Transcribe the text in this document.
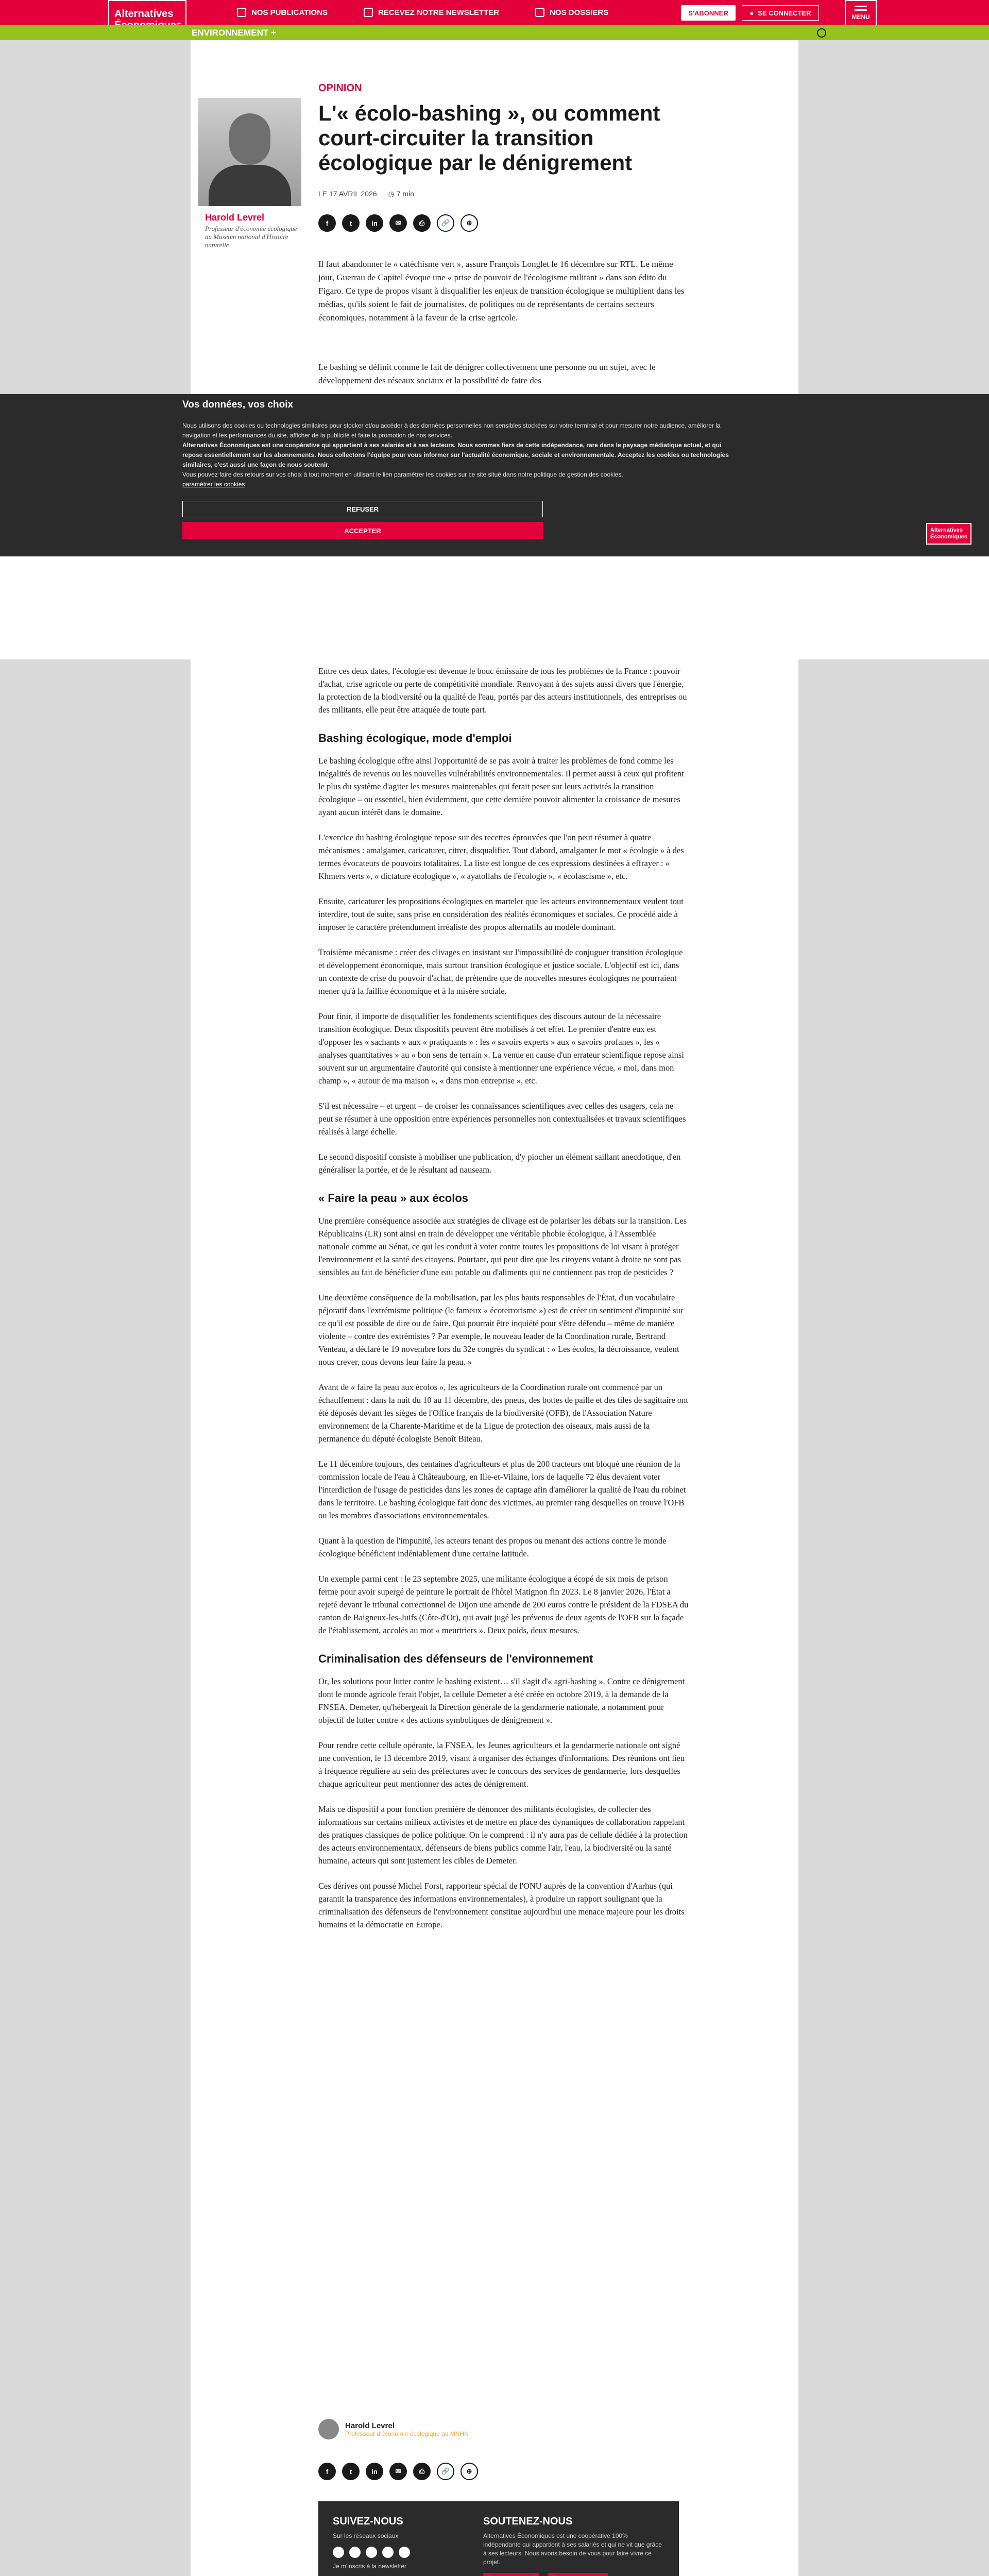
NOS PUBLICATIONS	RECEVEZ NOTRE NEWSLETTER	NOS DOSSIERS	S'ABONNER	● SE CONNECTER
Alternatives	MENU
ENVIRONNEMENT +
Harold Levrel
Professeur d'économie écologique au Muséum national d'Histoire naturelle
OPINION
L'« écolo-bashing », ou comment court-circuiter la transition écologique par le dénigrement
LE 17 AVRIL 2026 ◷ 7 min
f	t	in	✉	⎙	🔗	⊕
Il faut abandonner le « catéchisme vert », assure François Longlet le 16 décembre sur RTL. Le même jour, Guerrau de Capitel évoque une « prise de pouvoir de l'écologisme militant » dans son édito du Figaro. Ce type de propos visant à disqualifier les enjeux de transition écologique se multiplient dans les médias, qu'ils soient le fait de journalistes, de politiques ou de représentants de certains secteurs économiques, notamment à la faveur de la crise agricole.
Le bashing se définit comme le fait de dénigrer collectivement une personne ou un sujet, avec le développement des réseaux sociaux et la possibilité de faire des
Vos données, vos choix
Nous utilisons des cookies ou technologies similaires pour stocker et/ou accéder à des données personnelles non sensibles stockées sur votre terminal et pour mesurer notre audience, améliorer la navigation et les performances du site, afficher de la publicité et faire la promotion de nos services.
Alternatives Économiques est une coopérative qui appartient à ses salariés et à ses lecteurs. Nous sommes fiers de cette indépendance, rare dans le paysage médiatique actuel, et qui repose essentiellement sur les abonnements. Nous collectons l'équipe pour vous informer sur l'actualité économique, sociale et environnementale. Acceptez les cookies ou technologies similaires, c'est aussi une façon de nous soutenir.
Vous pouvez faire des retours sur vos choix à tout moment en utilisant le lien paramétrer les cookies sur ce site situé dans notre politique de gestion des cookies.
paramétrer les cookies
REFUSER
ACCEPTER	Alternatives Économiques

Entre ces deux dates, l'écologie est devenue le bouc émissaire de tous les problèmes de la France : pouvoir d'achat, crise agricole ou perte de compétitivité mondiale. Renvoyant à des sujets aussi divers que l'énergie, la protection de la biodiversité ou la qualité de l'eau, portés par des acteurs institutionnels, des entreprises ou des militants, elle peut être attaquée de toute part.

Bashing écologique, mode d'emploi

Le bashing écologique offre ainsi l'opportunité de se pas avoir à traiter les problèmes de fond comme les inégalités de revenus ou les nouvelles vulnérabilités environnementales. Il permet aussi à ceux qui profitent le plus du système d'agiter les mesures maintenables qui ferait peser sur leurs activités la transition écologique – ou essentiel, bien évidemment, que cette dernière pouvoir alimenter la croissance de mesures ayant aucun intérêt dans le domaine.

L'exercice du bashing écologique repose sur des recettes éprouvées que l'on peut résumer à quatre mécanismes : amalgamer, caricaturer, citrer, disqualifier. Tout d'abord, amalgamer le mot « écologie » à des termes évocateurs de pouvoirs totalitaires. La liste est longue de ces expressions destinées à effrayer : « Khmers verts », « dictature écologique », « ayatollahs de l'écologie », « écofascisme », etc.

Ensuite, caricaturer les propositions écologiques en marteler que les acteurs environnementaux veulent tout interdire, tout de suite, sans prise en considération des réalités économiques et sociales. Ce procédé aide à imposer le caractère prétendument irréaliste des propos alternatifs au modèle dominant.

Troisième mécanisme : créer des clivages en insistant sur l'impossibilité de conjuguer transition écologique et développement économique, mais surtout transition écologique et justice sociale. L'objectif est ici, dans un contexte de crise du pouvoir d'achat, de prétendre que de nouvelles mesures écologiques ne pourraient mener qu'à la faillite économique et à la misère sociale.

Pour finir, il importe de disqualifier les fondements scientifiques des discours autour de la nécessaire transition écologique. Deux dispositifs peuvent être mobilisés à cet effet. Le premier d'entre eux est d'opposer les « sachants » aux « pratiquants » : les « savoirs experts » aux « savoirs profanes », les « analyses quantitatives » au « bon sens de terrain ». La venue en cause d'un errateur scientifique repose ainsi souvent sur un argumentaire d'autorité qui consiste à mentionner une expérience vécue, « moi, dans mon champ », « autour de ma maison », « dans mon entreprise », etc.

S'il est nécessaire – et urgent – de croiser les connaissances scientifiques avec celles des usagers, cela ne peut se résumer à une opposition entre expériences personnelles non contextualisées et travaux scientifiques réalisés à large échelle.

Le second dispositif consiste à mobiliser une publication, d'y piocher un élément saillant anecdotique, d'en généraliser la portée, et de le résultant ad nauseam.

« Faire la peau » aux écolos

Une première conséquence associée aux stratégies de clivage est de polariser les débats sur la transition. Les Républicains (LR) sont ainsi en train de développer une véritable phobie écologique, à l'Assemblée nationale comme au Sénat, ce qui les conduit à voter contre toutes les propositions de loi visant à protéger l'environnement et la santé des citoyens. Pourtant, qui peut dire que les citoyens votant à droite ne sont pas sensibles au fait de bénéficier d'une eau potable ou d'aliments qui ne contiennent pas trop de pesticides ?

Une deuxième conséquence de la mobilisation, par les plus hauts responsables de l'État, d'un vocabulaire péjoratif dans l'extrémisme politique (le fameux « écoterrorisme ») est de créer un sentiment d'impunité sur ce qu'il est possible de dire ou de faire. Qui pourrait être inquiété pour s'être défendu – même de manière violente – contre des extrémistes ? Par exemple, le nouveau leader de la Coordination rurale, Bertrand Venteau, a déclaré le 19 novembre lors du 32e congrès du syndicat : « Les écolos, la décroissance, veulent nous crever, nous devons leur faire la peau. »

Avant de « faire la peau aux écolos », les agriculteurs de la Coordination rurale ont commencé par un échauffement : dans la nuit du 10 au 11 décembre, des pneus, des bottes de paille et des tiles de sagittaire ont été déposés devant les sièges de l'Office français de la biodiversité (OFB), de l'Association Nature environnement de la Charente-Maritime et de la Ligue de protection des oiseaux, mais aussi de la permanence du député écologiste Benoît Biteau.

Le 11 décembre toujours, des centaines d'agriculteurs et plus de 200 tracteurs ont bloqué une réunion de la commission locale de l'eau à Châteaubourg, en Ille-et-Vilaine, lors de laquelle 72 élus devaient voter l'interdiction de l'usage de pesticides dans les zones de captage afin d'améliorer la qualité de l'eau du robinet dans le territoire. Le bashing écologique fait donc des victimes, au premier rang desquelles on trouve l'OFB ou les membres d'associations environnementales.

Quant à la question de l'impunité, les acteurs tenant des propos ou menant des actions contre le monde écologique bénéficient indéniablement d'une certaine latitude.

Un exemple parmi cent : le 23 septembre 2025, une militante écologique a écopé de six mois de prison ferme pour avoir supergé de peinture le portrait de l'hôtel Matignon fin 2023. Le 8 janvier 2026, l'État a rejeté devant le tribunal correctionnel de Dijon une amende de 200 euros contre le président de la FDSEA du canton de Baigneux-les-Juifs (Côte-d'Or), qui avait jugé les prévenus de deux agents de l'OFB sur la façade de l'établissement, accolés au mot « meurtriers ». Deux poids, deux mesures.

Criminalisation des défenseurs de l'environnement

Or, les solutions pour lutter contre le bashing existent… s'il s'agit d'« agri-bashing ». Contre ce dénigrement dont le monde agricole ferait l'objet, la cellule Demeter a été créée en octobre 2019, à la demande de la FNSEA. Demeter, qu'hébergeait la Direction générale de la gendarmerie nationale, a notamment pour objectif de lutter contre « des actions symboliques de dénigrement ».

Pour rendre cette cellule opérante, la FNSEA, les Jeunes agriculteurs et la gendarmerie nationale ont signé une convention, le 13 décembre 2019, visant à organiser des échanges d'informations. Des réunions ont lieu à fréquence régulière au sein des préfectures avec le concours des services de gendarmerie, lors desquelles chaque agriculteur peut mentionner des actes de dénigrement.

Mais ce dispositif a pour fonction première de dénoncer des militants écologistes, de collecter des informations sur certains milieux activistes et de mettre en place des dynamiques de collaboration rappelant des pratiques classiques de police politique. On le comprend : il n'y aura pas de cellule dédiée à la protection des acteurs environnementaux, défenseurs de biens publics comme l'air, l'eau, la biodiversité ou la santé humaine, acteurs qui sont justement les cibles de Demeter.

Ces dérives ont poussé Michel Forst, rapporteur spécial de l'ONU auprès de la convention d'Aarhus (qui garantit la transparence des informations environnementales), à produire un rapport soulignant que la criminalisation des défenseurs de l'environnement constitue aujourd'hui une menace majeure pour les droits humains et la démocratie en Europe.

Harold Levrel
Professeur d'économie écologique au MNHN
f	t	in	✉	⎙	🔗	⊕
SUIVEZ-NOUS
Sur les réseaux sociaux
Je m'inscris à la newsletter
SOUTENEZ-NOUS
Alternatives Économiques est une coopérative 100% indépendante qui appartient à ses salariés et qui ne vit que grâce à ses lecteurs. Nous avons besoin de vous pour faire vivre ce projet.
